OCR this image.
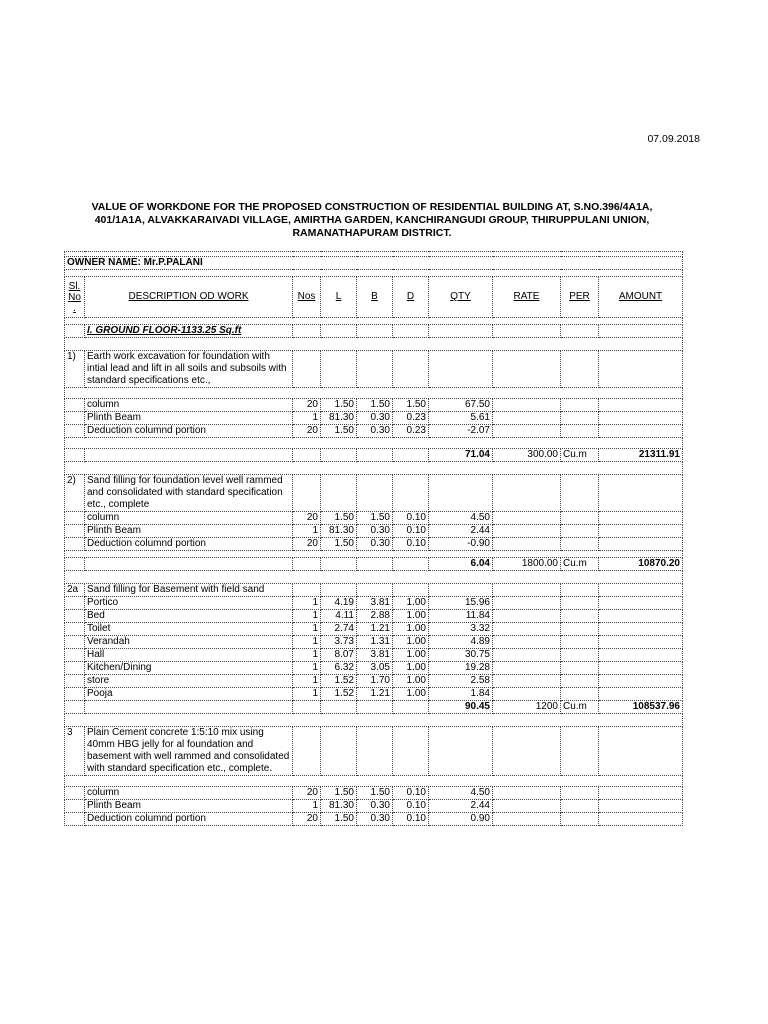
07.09.2018
VALUE OF WORKDONE FOR THE PROPOSED CONSTRUCTION OF RESIDENTIAL BUILDING AT, S.NO.396/4A1A,
401/1A1A, ALVAKKARAIVADI VILLAGE, AMIRTHA GARDEN, KANCHIRANGUDI GROUP, THIRUPPULANI UNION,
RAMANATHAPURAM DISTRICT.

OWNER NAME: Mr.P.PALANI									

Sl. No .	DESCRIPTION OD WORK	Nos	L	B	D	QTY	RATE	PER	AMOUNT

	I. GROUND FLOOR-1133.25 Sq.ft								

1)	Earth work excavation for foundation with intial lead and lift in all soils and subsoils with standard specifications etc.,								

	column	20	1.50	1.50	1.50	67.50			
	Plinth Beam	1	81.30	0.30	0.23	5.61			
	Deduction columnd portion	20	1.50	0.30	0.23	-2.07			

						71.04	300.00	Cu.m	21311.91

2)	Sand filling for foundation level well rammed and consolidated with standard specification etc., complete								
	column	20	1.50	1.50	0.10	4.50			
	Plinth Beam	1	81.30	0.30	0.10	2.44			
	Deduction columnd portion	20	1.50	0.30	0.10	-0.90			

						6.04	1800.00	Cu.m	10870.20

2a	Sand filling for Basement with field sand								
	Portico	1	4.19	3.81	1.00	15.96			
	Bed	1	4.11	2.88	1.00	11.84			
	Toilet	1	2.74	1.21	1.00	3.32			
	Verandah	1	3.73	1.31	1.00	4.89			
	Hall	1	8.07	3.81	1.00	30.75			
	Kitchen/Dining	1	6.32	3.05	1.00	19.28			
	store	1	1.52	1.70	1.00	2.58			
	Pooja	1	1.52	1.21	1.00	1.84			
						90.45	1200	Cu.m	108537.96

3	Plain Cement concrete 1:5:10 mix using 40mm HBG jelly for al foundation and basement with well rammed and consolidated with standard specification etc., complete.								

	column	20	1.50	1.50	0.10	4.50			
	Plinth Beam	1	81.30	0.30	0.10	2.44			
	Deduction columnd portion	20	1.50	0.30	0.10	0.90			
